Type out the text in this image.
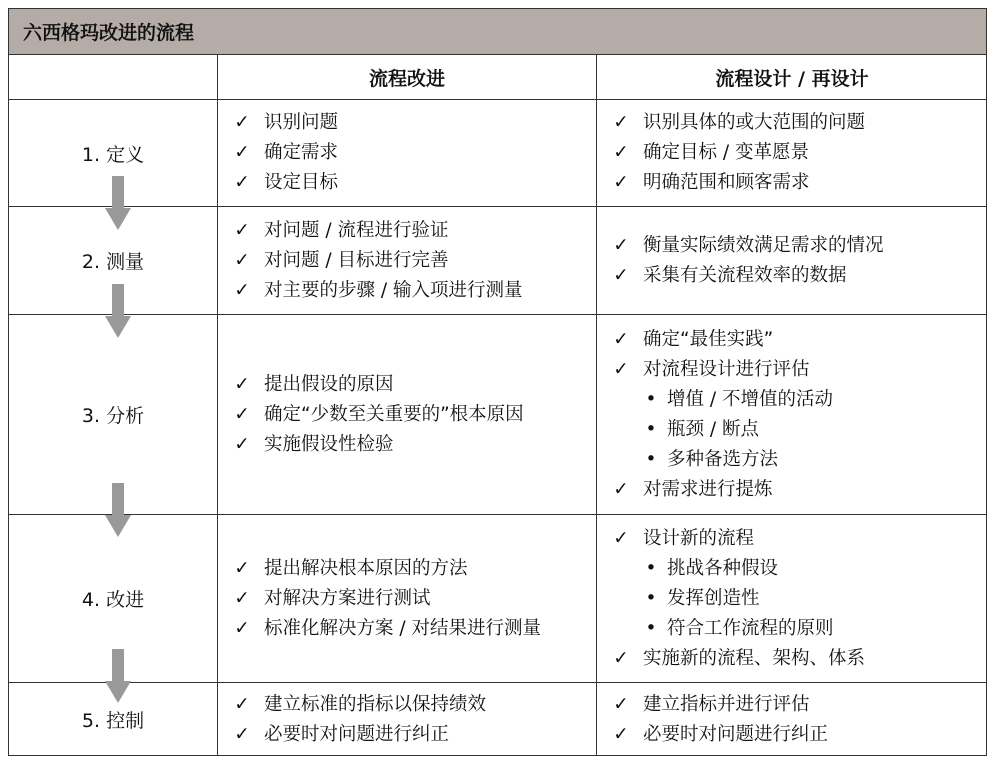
六西格玛改进的流程
流程改进	流程设计 / 再设计
1. 定义
2. 测量
3. 分析
4. 改进
5. 控制
✓ 识别问题
✓ 确定需求
✓ 设定目标
✓ 识别具体的或大范围的问题
✓ 确定目标 / 变革愿景
✓ 明确范围和顾客需求
✓ 对问题 / 流程进行验证
✓ 对问题 / 目标进行完善
✓ 对主要的步骤 / 输入项进行测量
✓ 衡量实际绩效满足需求的情况
✓ 采集有关流程效率的数据
✓ 提出假设的原因
✓ 确定“少数至关重要的”根本原因
✓ 实施假设性检验
✓ 确定“最佳实践”
✓ 对流程设计进行评估
• 增值 / 不增值的活动
• 瓶颈 / 断点
• 多种备选方法
✓ 对需求进行提炼
✓ 提出解决根本原因的方法
✓ 对解决方案进行测试
✓ 标准化解决方案 / 对结果进行测量
✓ 设计新的流程
• 挑战各种假设
• 发挥创造性
• 符合工作流程的原则
✓ 实施新的流程、架构、体系
✓ 建立标准的指标以保持绩效
✓ 必要时对问题进行纠正
✓ 建立指标并进行评估
✓ 必要时对问题进行纠正
